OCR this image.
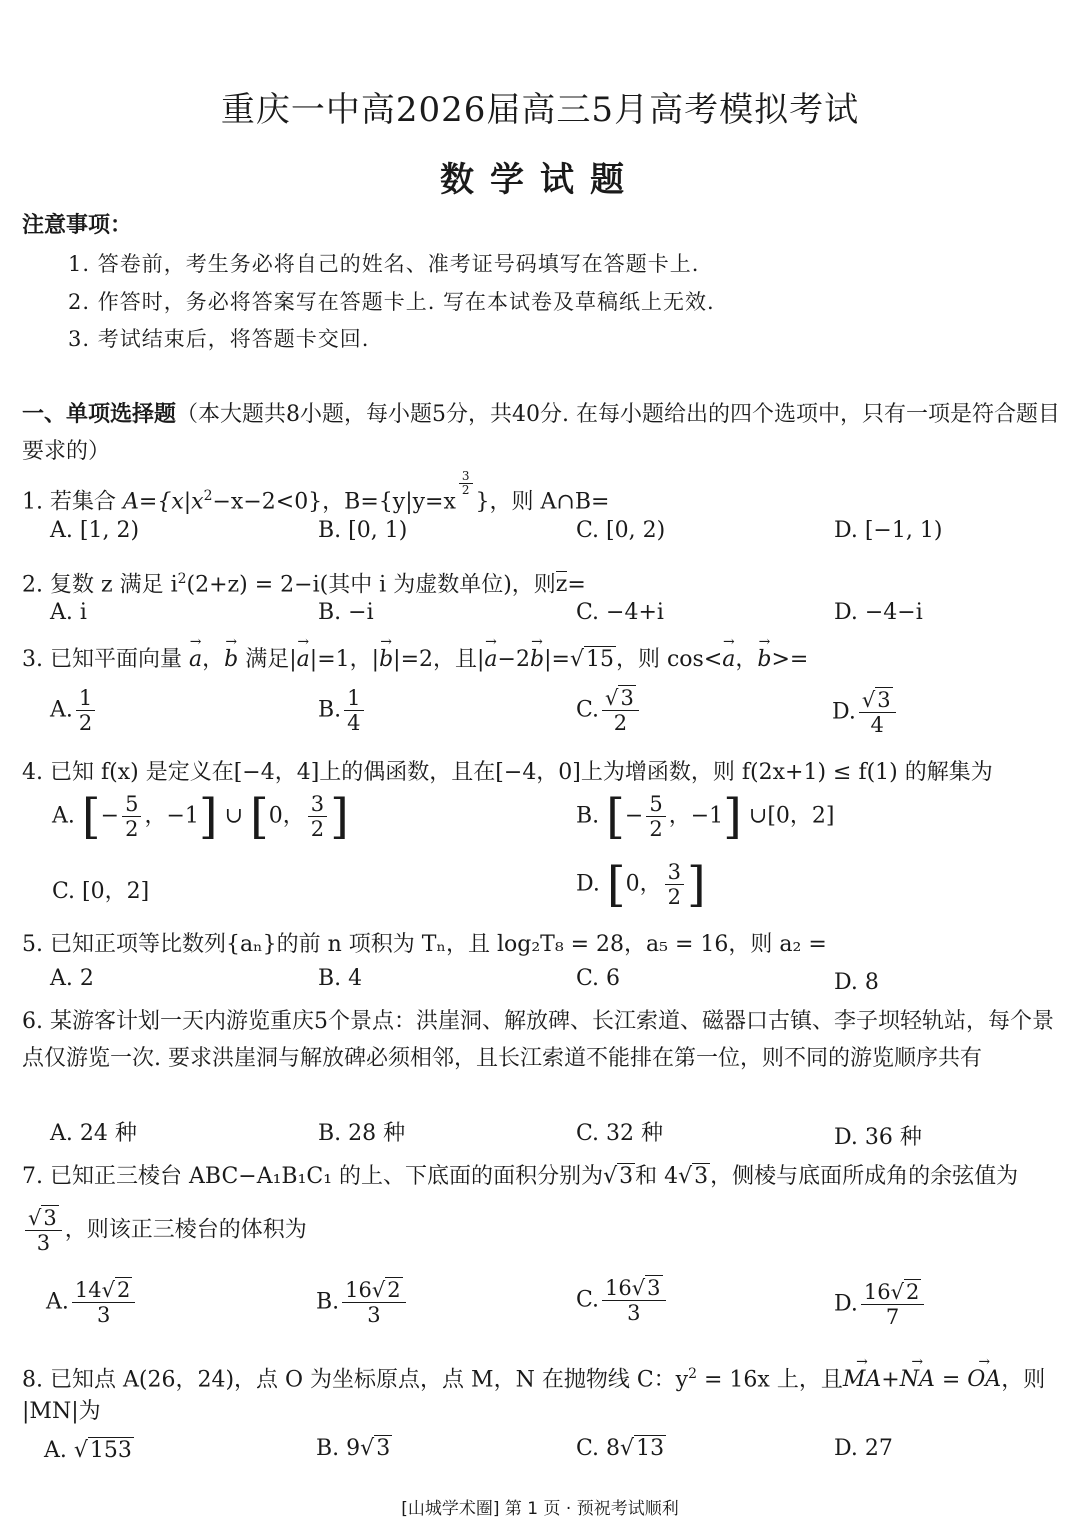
重庆一中高2026届高三5月高考模拟考试
数学试题
注意事项：
1. 答卷前，考生务必将自己的姓名、准考证号码填写在答题卡上.
2. 作答时，务必将答案写在答题卡上. 写在本试卷及草稿纸上无效.
3. 考试结束后，将答题卡交回.
一、单项选择题（本大题共8小题，每小题5分，共40分. 在每小题给出的四个选项中，只有一项是符合题目要求的）
1. 若集合 $A=\{x|x^2-x-2<0\}$，B={y|y=x
$^{\frac{3}{2}}$
}，则 A∩B=
A. [1, 2)	B. [0, 1)	C. [0, 2)	D. [−1, 1)
2. 复数 z 满足 $i^2(2+z) = 2-i$(其中 i 为虚数单位)，则z=
A. i	B. −i	C. −4+i	D. −4−i
3. 已知平面向量 → a，→ b 满足|→ a|=1，|→ b|=2，且|→ a−2→ b|=√15，则 cos<→ a，→ b>=
A. $\frac{1}{2}$	B. $\frac{1}{4}$	C. $\frac{√3}{2}$	D. $\frac{√3}{4}$
4. 已知 f(x) 是定义在[−4，4]上的偶函数，且在[−4，0]上为增函数，则 f(2x+1) ≤ f(1) 的解集为
A. [− $\frac{5}{2}$ ，−1] ∪ [0， $\frac{3}{2}$ ]	B. [− $\frac{5}{2}$ ，−1] ∪[0，2]
C. [0，2]	D. [0， $\frac{3}{2}$ ]
5. 已知正项等比数列{aₙ}的前 n 项积为 Tₙ，且 log₂T₈ = 28，a₅ = 16，则 a₂ =
A. 2	B. 4	C. 6	D. 8
6. 某游客计划一天内游览重庆5个景点：洪崖洞、解放碑、长江索道、磁器口古镇、李子坝轻轨站，每个景点仅游览一次. 要求洪崖洞与解放碑必须相邻，且长江索道不能排在第一位，则不同的游览顺序共有
A. 24 种	B. 28 种	C. 32 种	D. 36 种
7. 已知正三棱台 ABC−A₁B₁C₁ 的上、下底面的面积分别为√3和 4√3，侧棱与底面所成角的余弦值为
$\frac{√3}{3}$ ，则该正三棱台的体积为
A. $\frac{14√2}{3}$	B. $\frac{16√2}{3}$	C. $\frac{16√3}{3}$	D. $\frac{16√2}{7}$
8. 已知点 A(26，24)，点 O 为坐标原点，点 M，N 在抛物线 C：$y^2 = 16x$ 上，且→ MA+→ NA = → OA，则
|MN|为
A. √153	B. 9√3	C. 8√13	D. 27
[山城学术圈] 第 1 页 · 预祝考试顺利
